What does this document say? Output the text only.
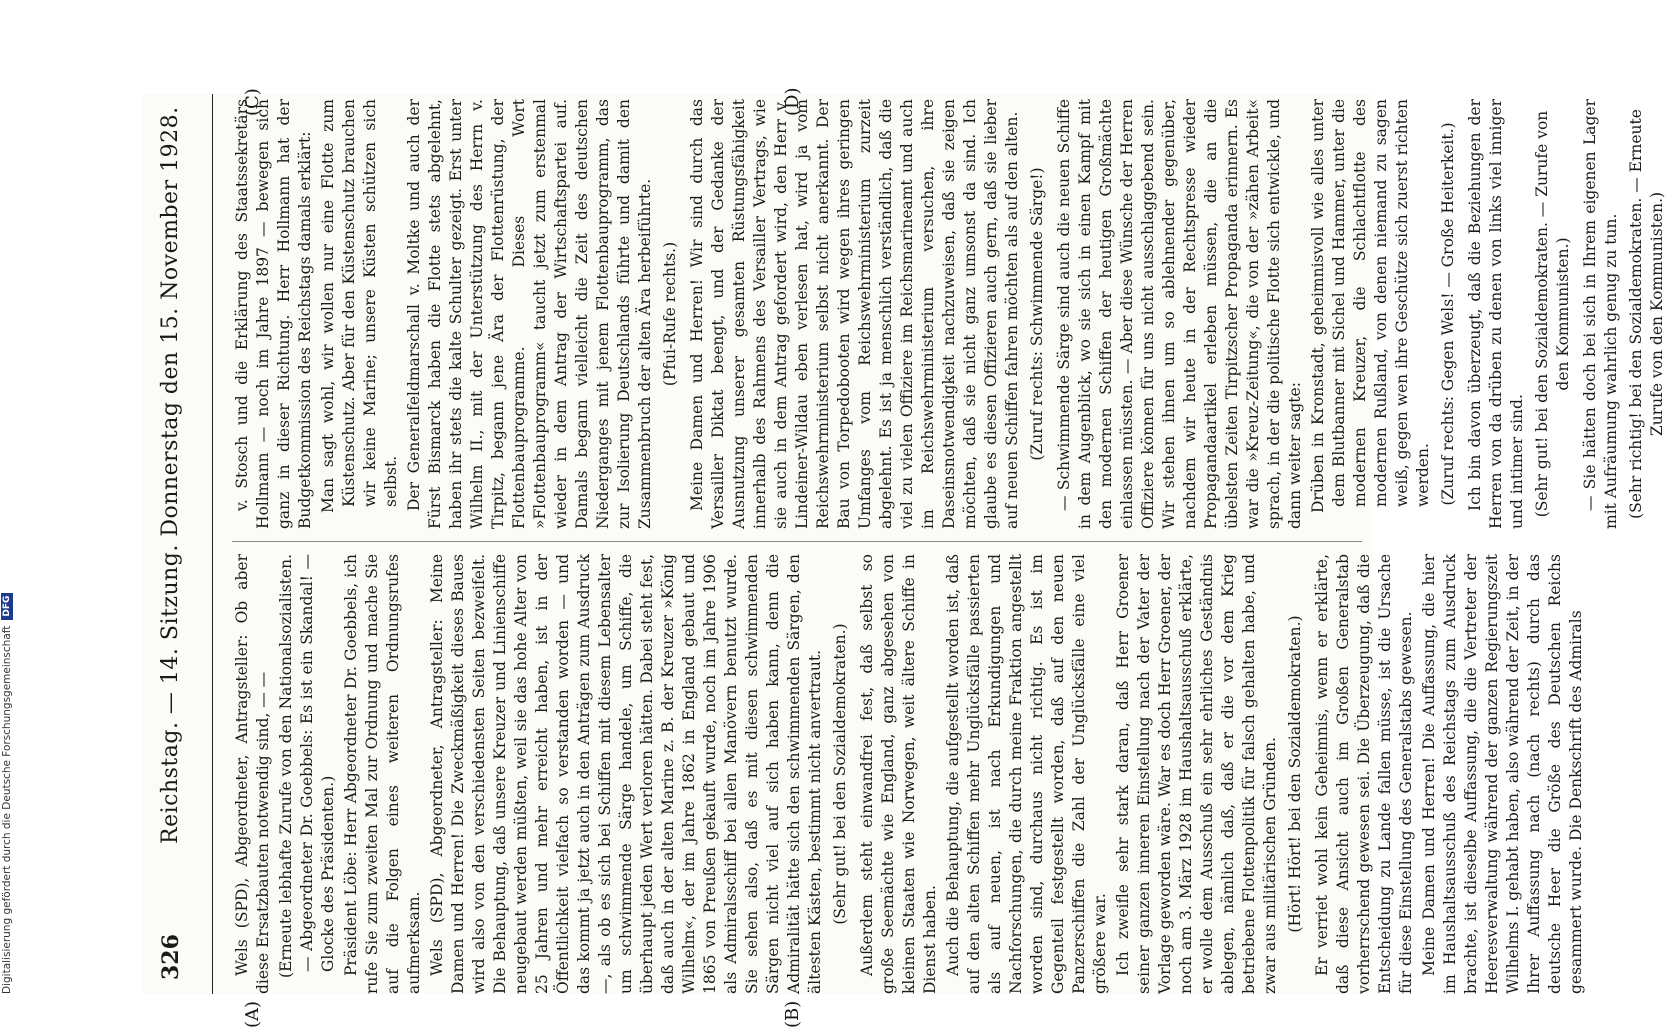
326
Reichstag. — 14. Sitzung. Donnerstag den 15. November 1928.	Wels (SPD), Abgeordneter, Antragsteller: Ob aber diese Ersatzbauten notwendig sind, — — (Erneute lebhafte Zurufe von den Nationalsozialisten. — Abgeordneter Dr. Goebbels: Es ist ein Skandal! — Glocke des Präsidenten.) Präsident Löbe: Herr Abgeordneter Dr. Goebbels, ich rufe Sie zum zweiten Mal zur Ordnung und mache Sie auf die Folgen eines weiteren Ordnungsrufes aufmerksam. Wels (SPD), Abgeordneter, Antragsteller: Meine Damen und Herren! Die Zweckmäßigkeit dieses Baues wird also von den verschiedensten Seiten bezweifelt. Die Behauptung, daß unsere Kreuzer und Linienschiffe neugebaut werden müßten, weil sie das hohe Alter von 25 Jahren und mehr erreicht haben, ist in der Öffentlichkeit vielfach so verstanden worden — und das kommt ja jetzt auch in den Anträgen zum Ausdruck —, als ob es sich bei Schiffen mit diesem Lebensalter um schwimmende Särge handele, um Schiffe, die überhaupt jeden Wert verloren hätten. Dabei steht fest, daß auch in der alten Marine z. B. der Kreuzer »König Wilhelm«, der im Jahre 1862 in England gebaut und 1865 von Preußen gekauft wurde, noch im Jahre 1906 als Admiralsschiff bei allen Manövern benutzt wurde. Sie sehen also, daß es mit diesen schwimmenden Särgen nicht viel auf sich haben kann, denn die Admiralität hätte sich den schwimmenden Särgen, den ältesten Kästen, bestimmt nicht anvertraut. (Sehr gut! bei den Sozialdemokraten.) Außerdem steht einwandfrei fest, daß selbst so große Seemächte wie England, ganz abgesehen von kleinen Staaten wie Norwegen, weit ältere Schiffe in Dienst haben. Auch die Behauptung, die aufgestellt worden ist, daß auf den alten Schiffen mehr Unglücksfälle passierten als auf neuen, ist nach Erkundigungen und Nachforschungen, die durch meine Fraktion angestellt worden sind, durchaus nicht richtig. Es ist im Gegenteil festgestellt worden, daß auf den neuen Panzerschiffen die Zahl der Unglücksfälle eine viel größere war. Ich zweifle sehr stark daran, daß Herr Groener seiner ganzen inneren Einstellung nach der Vater der Vorlage geworden wäre. War es doch Herr Groener, der noch am 3. März 1928 im Haushaltsausschuß erklärte, er wolle dem Ausschuß ein sehr ehrliches Geständnis ablegen, nämlich daß, daß er die vor dem Krieg betriebene Flottenpolitik für falsch gehalten habe, und zwar aus militärischen Gründen. (Hört! Hört! bei den Sozialdemokraten.) Er verriet wohl kein Geheimnis, wenn er erklärte, daß diese Ansicht auch im Großen Generalstab vorherrschend gewesen sei. Die Überzeugung, daß die Entscheidung zu Lande fallen müsse, ist die Ursache für diese Einstellung des Generalstabs gewesen. Meine Damen und Herren! Die Auffassung, die hier im Haushaltsausschuß des Reichstags zum Ausdruck brachte, ist dieselbe Auffassung, die die Vertreter der Heeresverwaltung während der ganzen Regierungszeit Wilhelms I. gehabt haben, also während der Zeit, in der Ihrer Auffassung nach (nach rechts) durch das deutsche Heer die Größe des Deutschen Reichs gesammert wurde. Die Denkschrift des Admirals

v. Stosch und die Erklärung des Staatssekretärs Hollmann — noch im Jahre 1897 — bewegen sich ganz in dieser Richtung. Herr Hollmann hat der Budgetkommission des Reichstags damals erklärt: Man sagt wohl, wir wollen nur eine Flotte zum Küstenschutz. Aber für den Küstenschutz brauchen wir keine Marine; unsere Küsten schützen sich selbst. Der Generalfeldmarschall v. Moltke und auch der Fürst Bismarck haben die Flotte stets abgelehnt, haben ihr stets die kalte Schulter gezeigt. Erst unter Wilhelm II., mit der Unterstützung des Herrn v. Tirpitz, begann jene Ära der Flottenrüstung, der Flottenbauprogramme. Dieses Wort »Flottenbauprogramm« taucht jetzt zum erstenmal wieder in dem Antrag der Wirtschaftspartei auf. Damals begann vielleicht die Zeit des deutschen Niederganges mit jenem Flottenbauprogramm, das zur Isolierung Deutschlands führte und damit den Zusammenbruch der alten Ära herbeiführte. (Pfui-Rufe rechts.) Meine Damen und Herren! Wir sind durch das Versailler Diktat beengt, und der Gedanke der Ausnutzung unserer gesamten Rüstungsfähigkeit innerhalb des Rahmens des Versailler Vertrags, wie sie auch in dem Antrag gefordert wird, den Herr v. Lindeiner-Wildau eben verlesen hat, wird ja vom Reichswehrministerium selbst nicht anerkannt. Der Bau von Torpedobooten wird wegen ihres geringen Umfanges vom Reichswehrministerium zurzeit abgelehnt. Es ist ja menschlich verständlich, daß die viel zu vielen Offiziere im Reichsmarineamt und auch im Reichswehrministerium versuchen, ihre Daseinsnotwendigkeit nachzuweisen, daß sie zeigen möchten, daß sie nicht ganz umsonst da sind. Ich glaube es diesen Offizieren auch gern, daß sie lieber auf neuen Schiffen fahren möchten als auf den alten. (Zuruf rechts: Schwimmende Särge!) — Schwimmende Särge sind auch die neuen Schiffe in dem Augenblick, wo sie sich in einen Kampf mit den modernen Schiffen der heutigen Großmächte einlassen müssten. — Aber diese Wünsche der Herren Offiziere können für uns nicht ausschlaggebend sein. Wir stehen ihnen um so ablehnender gegenüber, nachdem wir heute in der Rechtspresse wieder Propagandaartikel erleben müssen, die an die übelsten Zeiten Tirpitzscher Propaganda erinnern. Es war die »Kreuz-Zeitung«, die von der »zähen Arbeit« sprach, in der die politische Flotte sich entwickle, und dann weiter sagte: Drüben in Kronstadt, geheimnisvoll wie alles unter dem Blutbanner mit Sichel und Hammer, unter die modernen Kreuzer, die Schlachtflotte des modernen Rußland, von denen niemand zu sagen weiß, gegen wen ihre Geschütze sich zuerst richten werden. (Zuruf rechts: Gegen Wels! — Große Heiterkeit.) Ich bin davon überzeugt, daß die Beziehungen der Herren von da drüben zu denen von links viel inniger und intimer sind. (Sehr gut! bei den Sozialdemokraten. — Zurufe von den Kommunisten.) — Sie hätten doch bei sich in Ihrem eigenen Lager mit Aufräumung wahrlich genug zu tun. (Sehr richtig! bei den Sozialdemokraten. — Erneute Zurufe von den Kommunisten.)

(A)	(B)
(C)	(D)
Digitalisierung gefördert durch die Deutsche Forschungsgemeinschaft
DFG
